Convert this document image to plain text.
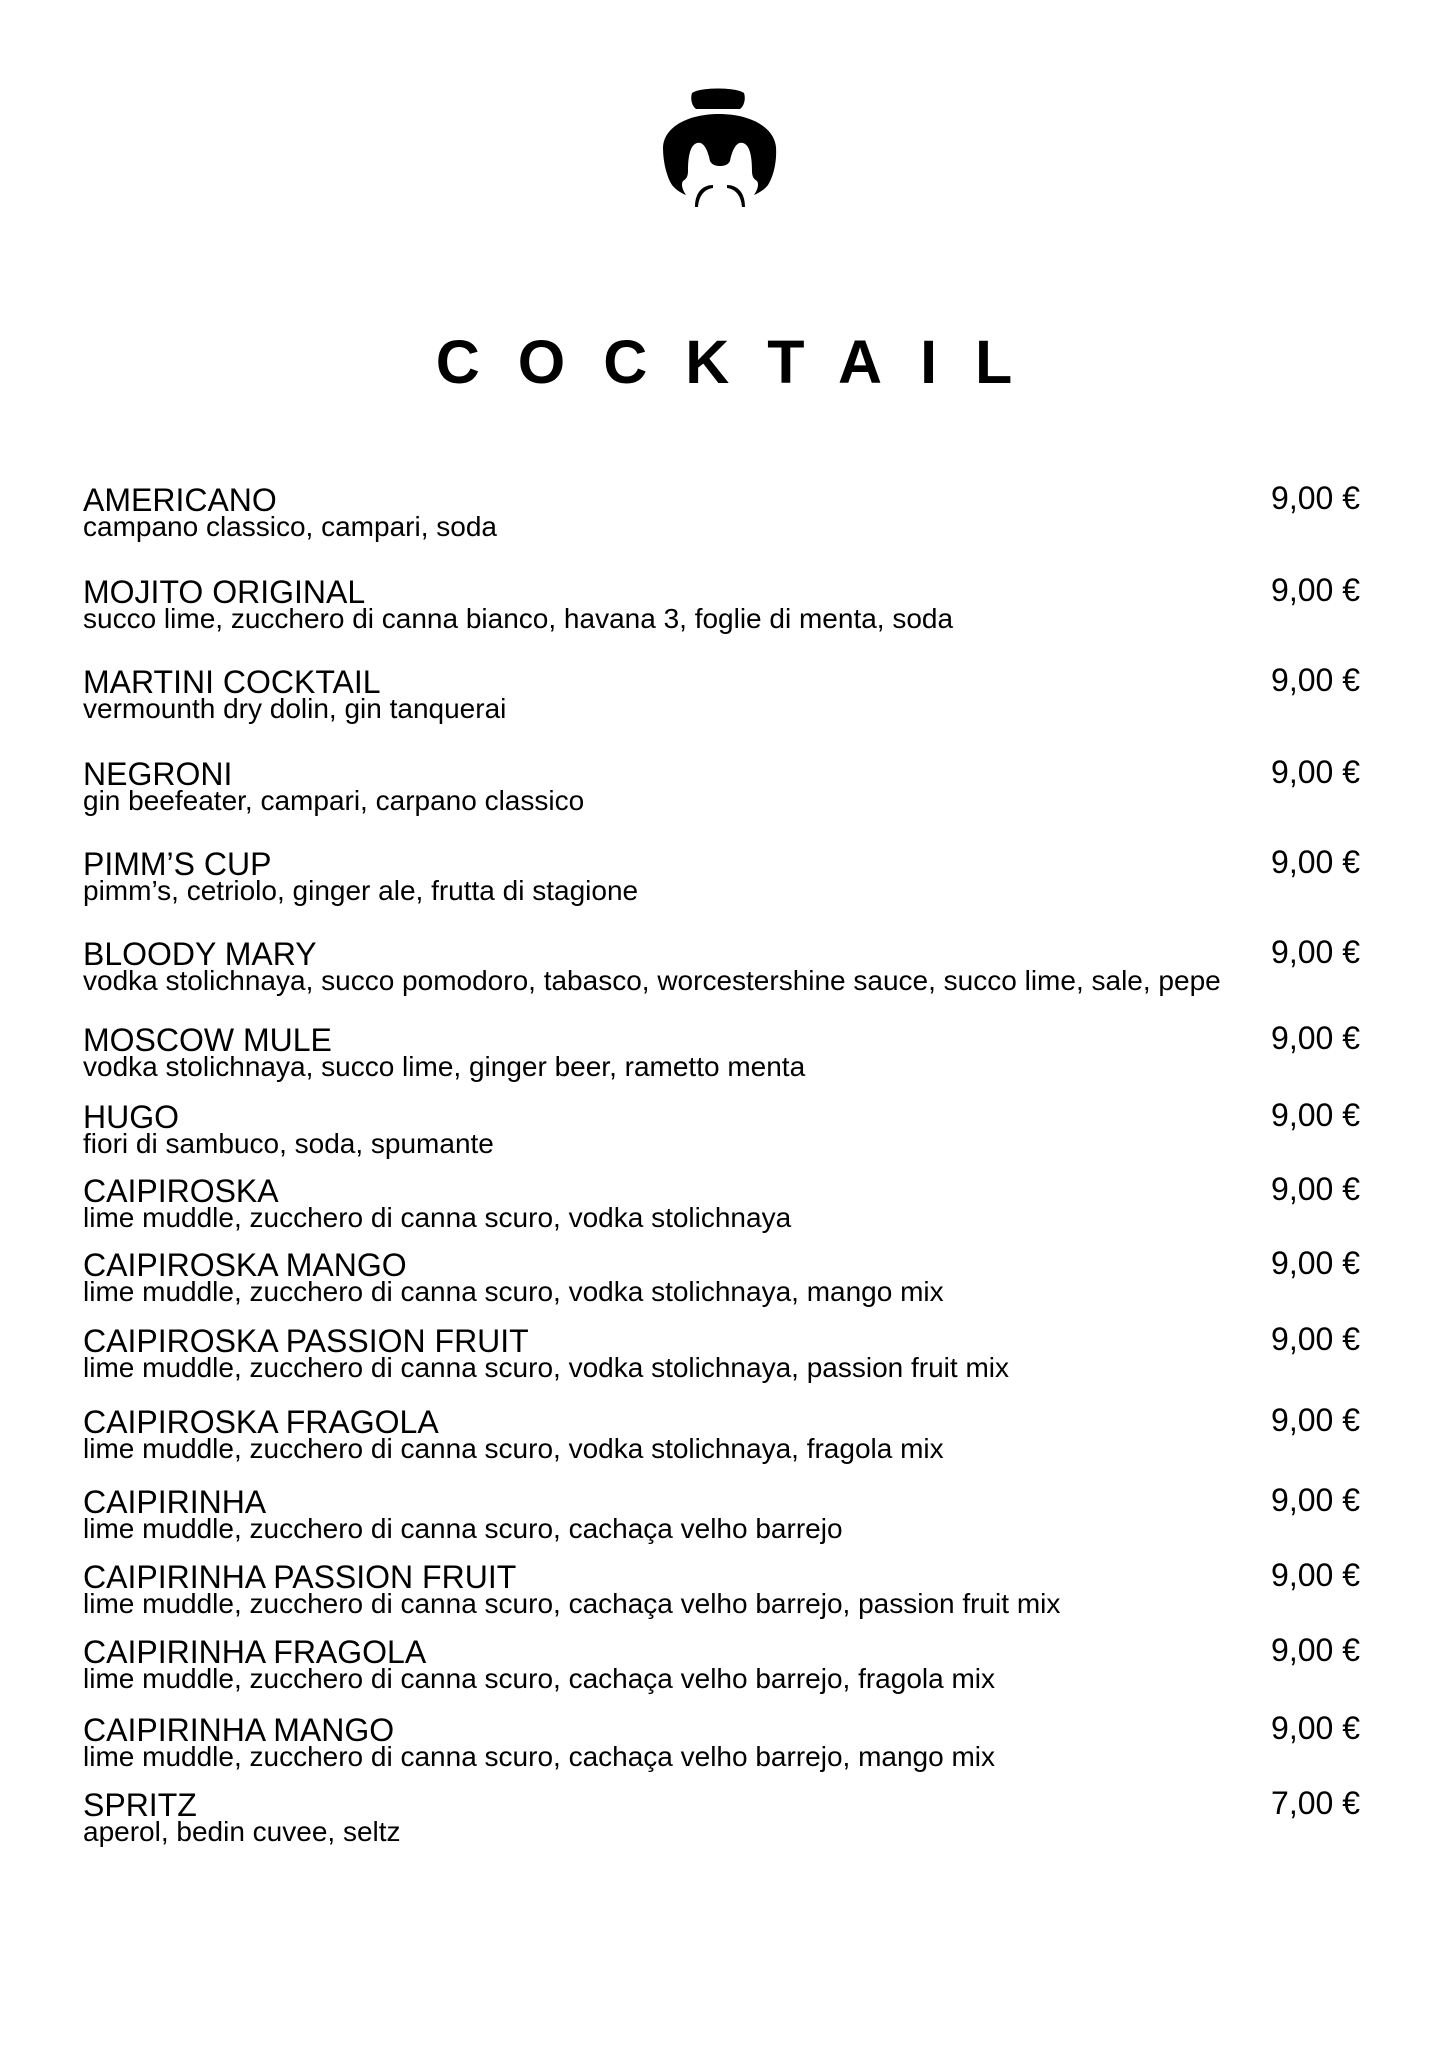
COCKTAIL
AMERICANO
campano classico, campari, soda
9,00 €
MOJITO ORIGINAL
succo lime, zucchero di canna bianco, havana 3, foglie di menta, soda
9,00 €
MARTINI COCKTAIL
vermounth dry dolin, gin tanquerai
9,00 €
NEGRONI
gin beefeater, campari, carpano classico
9,00 €
PIMM’S CUP
pimm’s, cetriolo, ginger ale, frutta di stagione
9,00 €
BLOODY MARY
vodka stolichnaya, succo pomodoro, tabasco, worcestershine sauce, succo lime, sale, pepe
9,00 €
MOSCOW MULE
vodka stolichnaya, succo lime, ginger beer, rametto menta
9,00 €
HUGO
fiori di sambuco, soda, spumante
9,00 €
CAIPIROSKA
lime muddle, zucchero di canna scuro, vodka stolichnaya
9,00 €
CAIPIROSKA MANGO
lime muddle, zucchero di canna scuro, vodka stolichnaya, mango mix
9,00 €
CAIPIROSKA PASSION FRUIT
lime muddle, zucchero di canna scuro, vodka stolichnaya, passion fruit mix
9,00 €
CAIPIROSKA FRAGOLA
lime muddle, zucchero di canna scuro, vodka stolichnaya, fragola mix
9,00 €
CAIPIRINHA
lime muddle, zucchero di canna scuro, cachaça velho barrejo
9,00 €
CAIPIRINHA PASSION FRUIT
lime muddle, zucchero di canna scuro, cachaça velho barrejo, passion fruit mix
9,00 €
CAIPIRINHA FRAGOLA
lime muddle, zucchero di canna scuro, cachaça velho barrejo, fragola mix
9,00 €
CAIPIRINHA MANGO
lime muddle, zucchero di canna scuro, cachaça velho barrejo, mango mix
9,00 €
SPRITZ
aperol, bedin cuvee, seltz
7,00 €
